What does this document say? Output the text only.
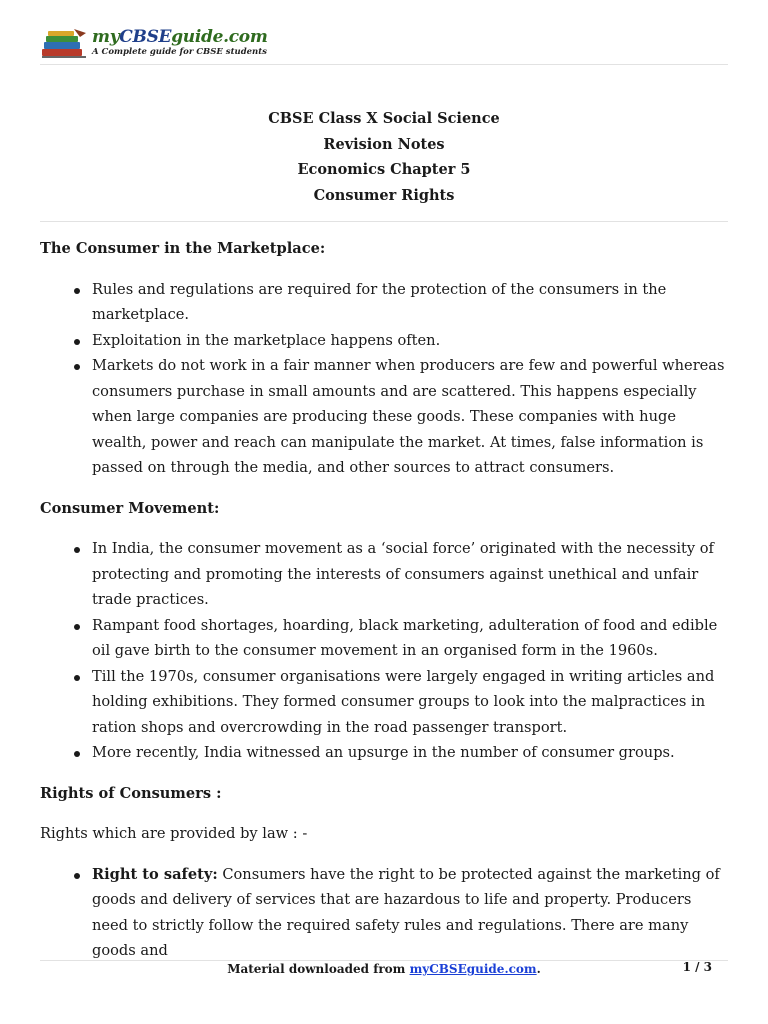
myCBSEguide.com
A Complete guide for CBSE students
CBSE Class X Social Science
Revision Notes
Economics Chapter 5
Consumer Rights
The Consumer in the Marketplace:
Rules and regulations are required for the protection of the consumers in the marketplace.
Exploitation in the marketplace happens often.
Markets do not work in a fair manner when producers are few and powerful whereas consumers purchase in small amounts and are scattered. This happens especially when large companies are producing these goods. These companies with huge wealth, power and reach can manipulate the market. At times, false information is passed on through the media, and other sources to attract consumers.
Consumer Movement:
In India, the consumer movement as a ‘social force’ originated with the necessity of protecting and promoting the interests of consumers against unethical and unfair trade practices.
Rampant food shortages, hoarding, black marketing, adulteration of food and edible oil gave birth to the consumer movement in an organised form in the 1960s.
Till the 1970s, consumer organisations were largely engaged in writing articles and holding exhibitions. They formed consumer groups to look into the malpractices in ration shops and overcrowding in the road passenger transport.
More recently, India witnessed an upsurge in the number of consumer groups.
Rights of Consumers :
Rights which are provided by law : -
Right to safety: Consumers have the right to be protected against the marketing of goods and delivery of services that are hazardous to life and property. Producers need to strictly follow the required safety rules and regulations. There are many goods and
Material downloaded from myCBSEguide.com.	1 / 3
